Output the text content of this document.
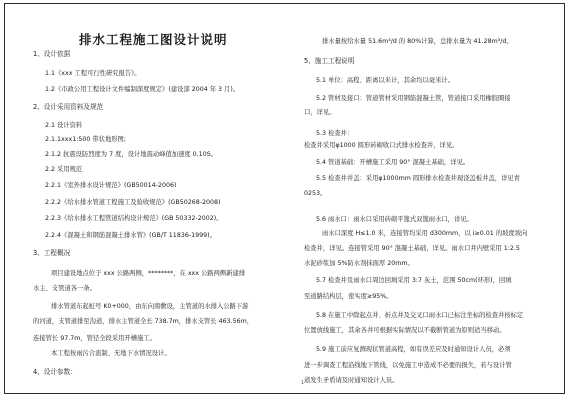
排水工程施工图设计说明
1、设计依据
1.1《xxx 工程可行性研究报告》。
1.2《市政公用工程设计文件编制深度规定》(建设部 2004 年 3 月)。
2、设计采用资料及规范
2.1 设计资料
2.1.1xxx1:500 带状地形图;
2.1.2 抗震设防烈度为 7 度，设计地震动峰值加速度 0.10S。
2.2 采用规范
2.2.1《室外排水设计规范》(GB50014-2006)
2.2.2《给水排水管道工程施工及验收规范》(GB50268-2008)
2.2.3《给水排水工程管道结构设计规范》(GB 50332-2002)。
2.2.4《混凝土和钢筋混凝土排水管》(GB/T 11836-1999)。
3、工程概况
项目建设地点位于 xxx 公路两侧，********，在 xxx 公路两侧新建排
水主、支管道各一条。
排水管道东起桩号 K0+000，由东向南敷设，主管道的水排入公路下游
的河道，支管道排至沟道，排水主管道全长 738.7m，排水支管长 463.56m，
连接管长 97.7m，管径全段采用开槽施工。
本工程按雨污合流制、无地下水情况设计。
4、设计参数：
排水量按给水量 51.6m³/d 的 80%计算，总排水量为 41.28m³/d。
5、施工工程说明
5.1 单位：高程、距离以米计，其余均以毫米计。
5.2 管材及接口：管道管材采用钢筋混凝土管，管道接口采用橡胶圈接
口，详见。
5.3 检查井：
检查井采用φ1000 圆形砖砌收口式排水检查井，详见。
5.4 管道基础：开槽施工采用 90° 混凝土基础，详见。
5.5 检查井井盖：采用φ1000mm 圆形排水检查井现浇盖板井盖，详见青
0253。
5.6 雨水口：雨水口采用砖砌平篦式双篦雨水口，详见。
雨水口深度 H≤1.0 米，连接管均采用 d300mm，以 i≥0.01 的坡度坡向
检查井，详见。连接管采用 90° 混凝土基础，详见。雨水口井内壁采用 1:2.5
水泥砂浆加 5%防水剂抹面厚 20mm。
5.7 检查井及雨水口周边回填采用 3:7 灰土，范围 50cm(环形)，回填
至道路结构层，密实度≥95%。
5.8 在施工中除起点井、折点井及交叉口雨水口已标注坐标的检查井按标定
位置放线施工，其余各井可根据实际情况以不截断管道为原则适当移动。
5.9 施工前应复测现状管道高程，如有误差应及时通知设计人员，必须
进一步调查工程沿线地下管线，以免施工中造成不必要的损失，若与设计管
道发生矛盾请及时通知设计人员。
1
